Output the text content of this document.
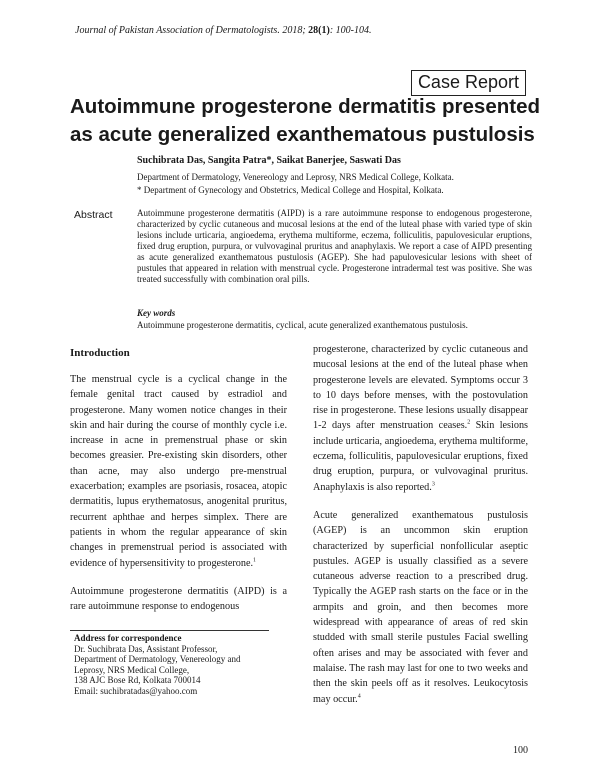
Journal of Pakistan Association of Dermatologists. 2018; 28(1): 100-104.
Case Report
Autoimmune progesterone dermatitis presented as acute generalized exanthematous pustulosis
Suchibrata Das, Sangita Patra*, Saikat Banerjee, Saswati Das
Department of Dermatology, Venereology and Leprosy, NRS Medical College, Kolkata.
* Department of Gynecology and Obstetrics, Medical College and Hospital, Kolkata.
Abstract	Autoimmune progesterone dermatitis (AIPD) is a rare autoimmune response to endogenous progesterone, characterized by cyclic cutaneous and mucosal lesions at the end of the luteal phase with varied type of skin lesions include urticaria, angioedema, erythema multiforme, eczema, folliculitis, papulovesicular eruptions, fixed drug eruption, purpura, or vulvovaginal pruritus and anaphylaxis. We report a case of AIPD presenting as acute generalized exanthematous pustulosis (AGEP). She had papulovesicular lesions with sheet of pustules that appeared in relation with menstrual cycle. Progesterone intradermal test was positive. She was treated successfully with combination oral pills.
Key words
Autoimmune progesterone dermatitis, cyclical, acute generalized exanthematous pustulosis.
Introduction

The menstrual cycle is a cyclical change in the female genital tract caused by estradiol and progesterone. Many women notice changes in their skin and hair during the course of monthly cycle i.e. increase in acne in premenstrual phase or skin becomes greasier. Pre-existing skin disorders, other than acne, may also undergo pre-menstrual exacerbation; examples are psoriasis, rosacea, atopic dermatitis, lupus erythematosus, anogenital pruritus, recurrent aphthae and herpes simplex. There are patients in whom the regular appearance of skin changes in premenstrual period is associated with evidence of hypersensitivity to progesterone.$^1$

Autoimmune progesterone dermatitis (AIPD) is a rare autoimmune response to endogenous

progesterone, characterized by cyclic cutaneous and mucosal lesions at the end of the luteal phase when progesterone levels are elevated. Symptoms occur 3 to 10 days before menses, with the postovulation rise in progesterone. These lesions usually disappear 1-2 days after menstruation ceases.$^2$ Skin lesions include urticaria, angioedema, erythema multiforme, eczema, folliculitis, papulovesicular eruptions, fixed drug eruption, purpura, or vulvovaginal pruritus. Anaphylaxis is also reported.$^3$

Acute generalized exanthematous pustulosis (AGEP) is an uncommon skin eruption characterized by superficial nonfollicular aseptic pustules. AGEP is usually classified as a severe cutaneous adverse reaction to a prescribed drug. Typically the AGEP rash starts on the face or in the armpits and groin, and then becomes more widespread with appearance of areas of red skin studded with small sterile pustules Facial swelling often arises and may be associated with fever and malaise. The rash may last for one to two weeks and then the skin peels off as it resolves. Leukocytosis may occur.$^4$

Address for correspondence
Dr. Suchibrata Das, Assistant Professor,
Department of Dermatology, Venereology and
Leprosy, NRS Medical College,
138 AJC Bose Rd, Kolkata 700014
Email: suchibratadas@yahoo.com
100
